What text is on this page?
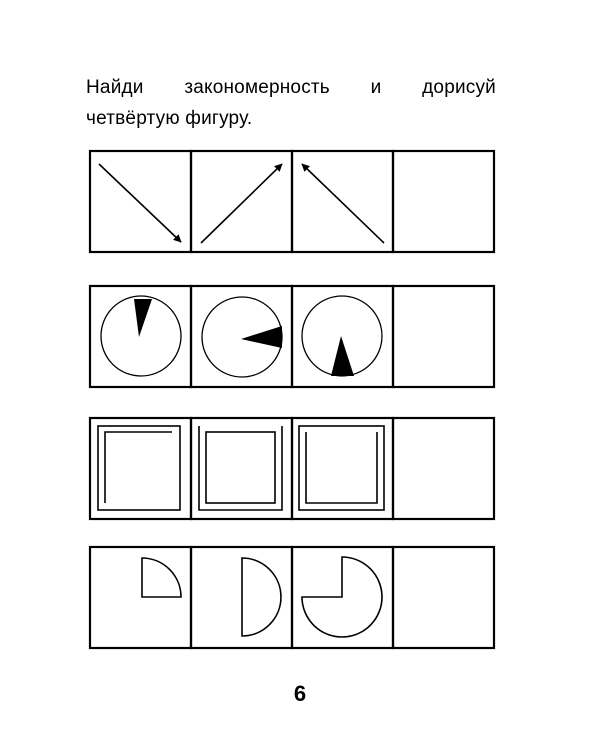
Найди закономерность и дорисуй
четвёртую фигуру.

6
